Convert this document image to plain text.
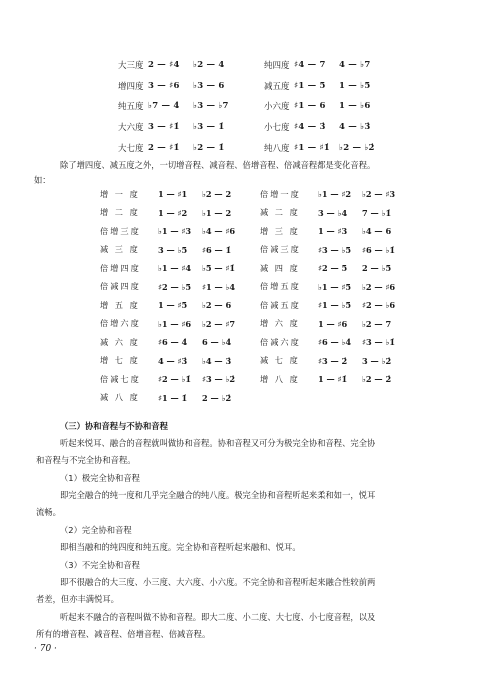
大三度 2 — ♯4	♭2 — 4	纯四度 ♯4 — 7	4 — ♭7
增四度 3 — ♯6	♭3 — 6	减五度 ♯1 — 5	1 — ♭5
纯五度 ♭7 — 4̇	♭3 — ♭7	小六度 ♯1 — 6	1 — ♭6
大六度 3 — ♯1̇	♭3 — 1̇	小七度 ♯4 — 3̇	4 — ♭3̇
大七度 2 — ♯1̇	♭2 — 1̇	纯八度 ♯1 — ♯1̇	♭2 — ♭2̇
除了增四度、减五度之外，一切增音程、减音程、倍增音程、倍减音程都是变化音程。
如：
增 一 度	1 — ♯1	♭2 — 2	倍增一度	♭1 — ♯2	♭2 — ♯3
增 二 度	1 — ♯2	♭1 — 2	减 二 度	3 — ♭4	7 — ♭1̇
倍增三度	♭1 — ♯3	♭4 — ♯6	增 三 度	1 — ♯3	♭4 — 6
减 三 度	3 — ♭5	♯6 — 1̇	倍减三度	♯3 — ♭5	♯6 — ♭1̇
倍增四度	♭1 — ♯4	♭5 — ♯1̇	减 四 度	♯2 — 5	2 — ♭5
倍减四度	♯2 — ♭5	♯1 — ♭4	倍增五度	♭1 — ♯5	♭2 — ♯6
增 五 度	1 — ♯5	♭2 — 6	倍减五度	♯1 — ♭5	♯2 — ♭6
倍增六度	♭1 — ♯6	♭2 — ♯7	增 六 度	1 — ♯6	♭2 — 7
减 六 度	♯6 — 4̇	6 — ♭4̇	倍减六度	♯6 — ♭4̇	♯3 — ♭1̇
增 七 度	4 — ♯3̇	♭4 — 3̇	减 七 度	♯3 — 2̇	3 — ♭2̇
倍减七度	♯2 — ♭1̇	♯3 — ♭2̇	增 八 度	1 — ♯1̇	♭2 — 2̇
减 八 度	♯1 — 1̇	2 — ♭2̇
（三）协和音程与不协和音程
听起来悦耳、融合的音程就叫做协和音程。协和音程又可分为极完全协和音程、完全协
和音程与不完全协和音程。
（1）极完全协和音程
即完全融合的纯一度和几乎完全融合的纯八度。极完全协和音程听起来柔和如一，悦耳
流畅。
（2）完全协和音程
即相当融和的纯四度和纯五度。完全协和音程听起来融和、悦耳。
（3）不完全协和音程
即不很融合的大三度、小三度、大六度、小六度。不完全协和音程听起来融合性较前两
者差，但亦丰满悦耳。
听起来不融合的音程叫做不协和音程。即大二度、小二度、大七度、小七度音程，以及
所有的增音程、减音程、倍增音程、倍减音程。
· 70 ·
